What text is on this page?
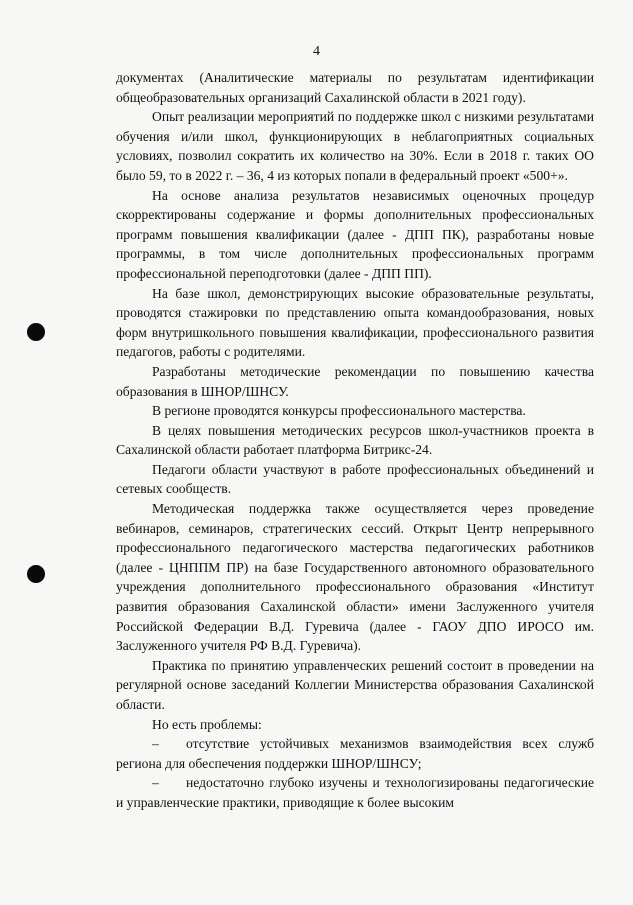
4

документах (Аналитические материалы по результатам идентификации общеобразовательных организаций Сахалинской области в 2021 году).

Опыт реализации мероприятий по поддержке школ с низкими результатами обучения и/или школ, функционирующих в неблагоприятных социальных условиях, позволил сократить их количество на 30%. Если в 2018 г. таких ОО было 59, то в 2022 г. – 36, 4 из которых попали в федеральный проект «500+».

На основе анализа результатов независимых оценочных процедур скорректированы содержание и формы дополнительных профессиональных программ повышения квалификации (далее - ДПП ПК), разработаны новые программы, в том числе дополнительных профессиональных программ профессиональной переподготовки (далее - ДПП ПП).

На базе школ, демонстрирующих высокие образовательные результаты, проводятся стажировки по представлению опыта командообразования, новых форм внутришкольного повышения квалификации, профессионального развития педагогов, работы с родителями.

Разработаны методические рекомендации по повышению качества образования в ШНОР/ШНСУ.

В регионе проводятся конкурсы профессионального мастерства.

В целях повышения методических ресурсов школ-участников проекта в Сахалинской области работает платформа Битрикс-24.

Педагоги области участвуют в работе профессиональных объединений и сетевых сообществ.

Методическая поддержка также осуществляется через проведение вебинаров, семинаров, стратегических сессий. Открыт Центр непрерывного профессионального педагогического мастерства педагогических работников (далее - ЦНППМ ПР) на базе Государственного автономного образовательного учреждения дополнительного профессионального образования «Институт развития образования Сахалинской области» имени Заслуженного учителя Российской Федерации В.Д. Гуревича (далее - ГАОУ ДПО ИРОСО им. Заслуженного учителя РФ В.Д. Гуревича).

Практика по принятию управленческих решений состоит в проведении на регулярной основе заседаний Коллегии Министерства образования Сахалинской области.

Но есть проблемы:

–  отсутствие устойчивых механизмов взаимодействия всех служб региона для обеспечения поддержки ШНОР/ШНСУ;

–  недостаточно глубоко изучены и технологизированы педагогические и управленческие практики, приводящие к более высоким
